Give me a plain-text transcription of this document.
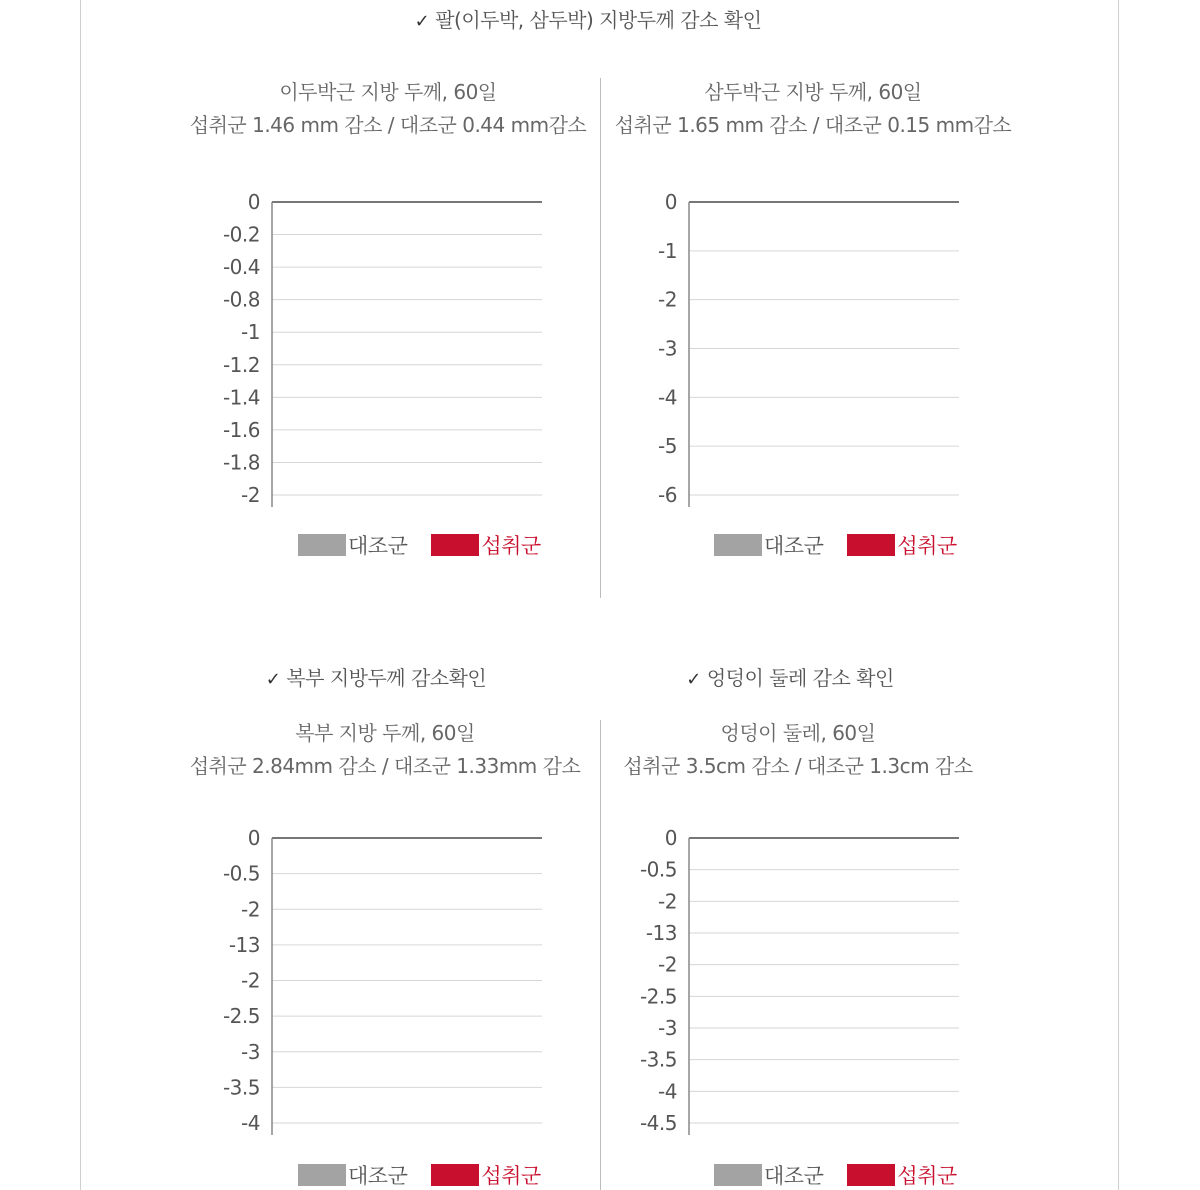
✓ 팔(이두박, 삼두박) 지방두께 감소 확인
이두박근 지방 두께, 60일
섭취군 1.46 mm 감소 / 대조군 0.44 mm감소
0
-0.2
-0.4
-0.8
-1
-1.2
-1.4
-1.6
-1.8
-2
대조군	섭취군
삼두박근 지방 두께, 60일
섭취군 1.65 mm 감소 / 대조군 0.15 mm감소
0
-1
-2
-3
-4
-5
-6
대조군	섭취군
✓ 복부 지방두께 감소확인	✓ 엉덩이 둘레 감소 확인
복부 지방 두께, 60일
섭취군 2.84mm 감소 / 대조군 1.33mm 감소
0
-0.5
-2
-13
-2
-2.5
-3
-3.5
-4
대조군	섭취군
엉덩이 둘레, 60일
섭취군 3.5cm 감소 / 대조군 1.3cm 감소
0
-0.5
-2
-13
-2
-2.5
-3
-3.5
-4
-4.5
대조군	섭취군
